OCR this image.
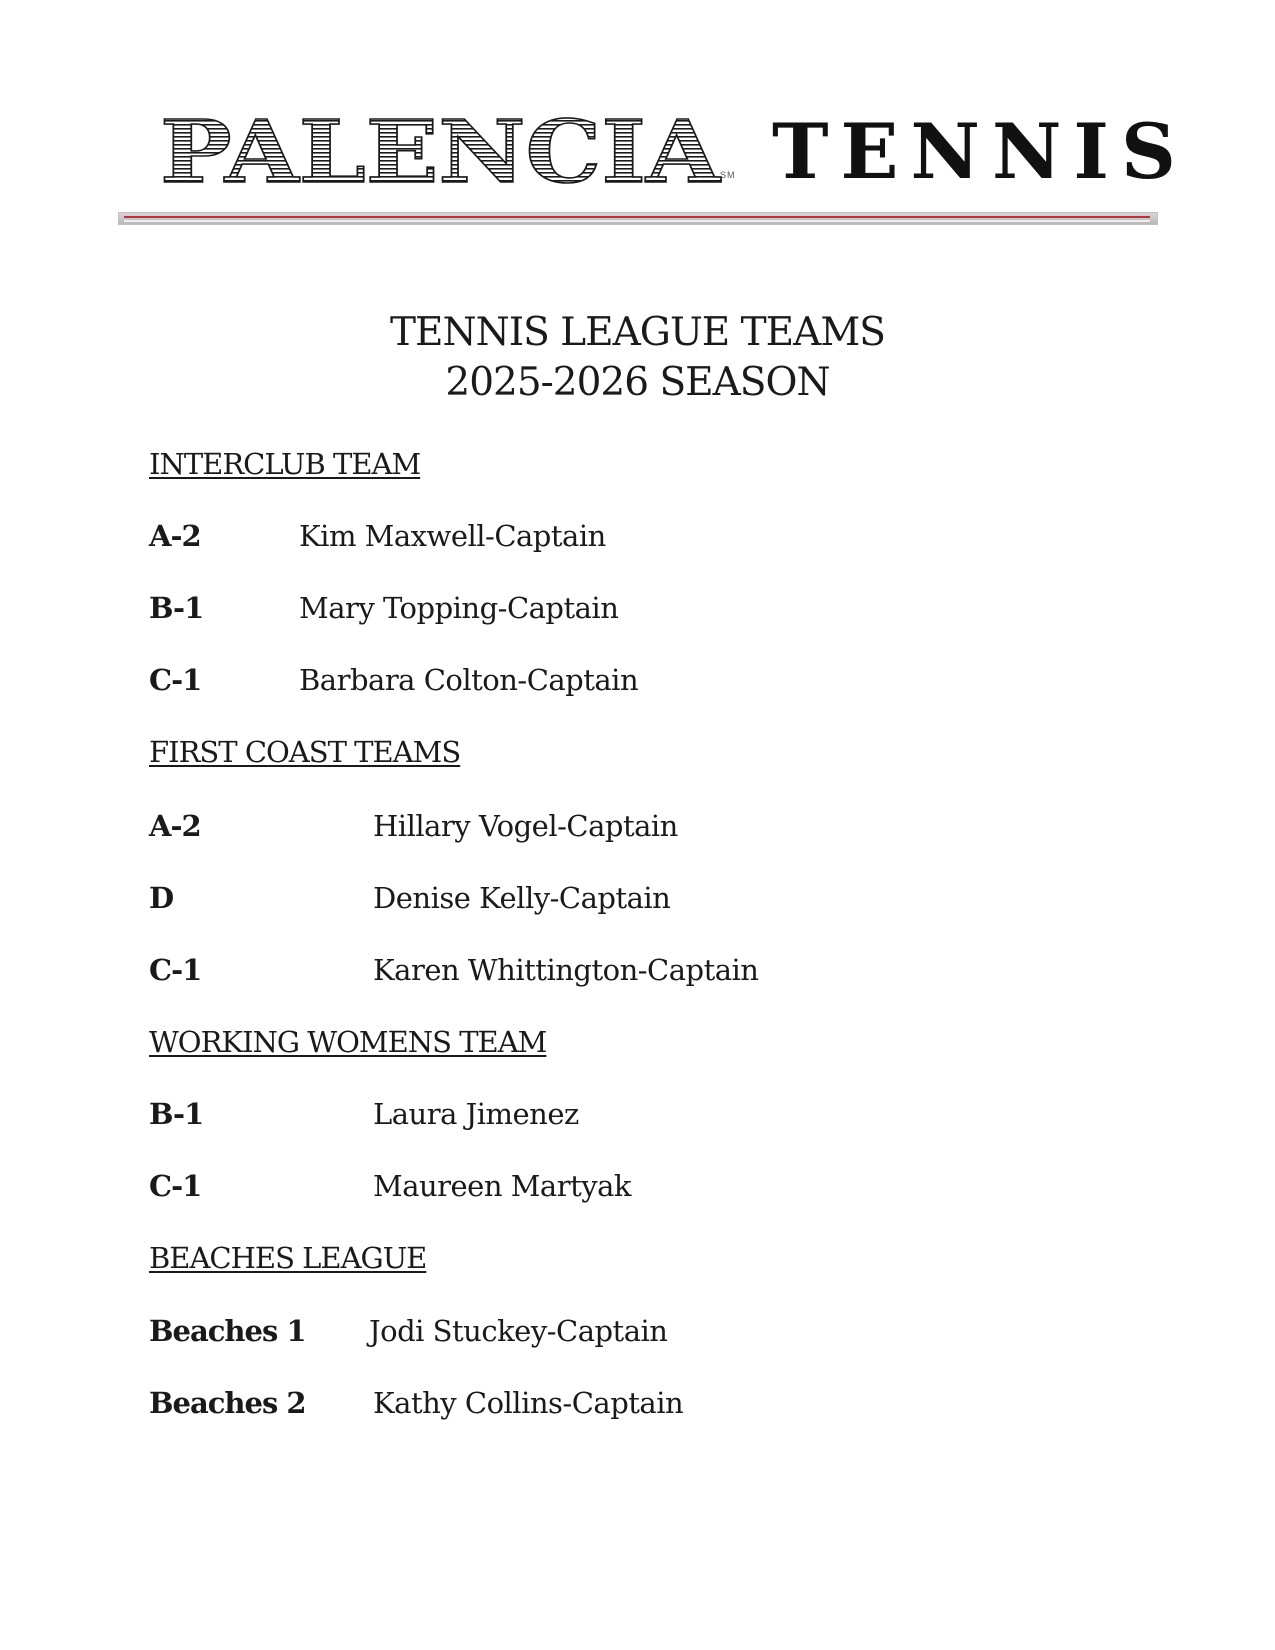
PALENCIA
SM TENNIS
TENNIS LEAGUE TEAMS
2025-2026 SEASON
INTERCLUB TEAM
A-2	Kim Maxwell-Captain
B-1	Mary Topping-Captain
C-1	Barbara Colton-Captain
FIRST COAST TEAMS
A-2	Hillary Vogel-Captain
D	Denise Kelly-Captain
C-1	Karen Whittington-Captain
WORKING WOMENS TEAM
B-1	Laura Jimenez
C-1	Maureen Martyak
BEACHES LEAGUE
Beaches 1 Jodi Stuckey-Captain
Beaches 2 Kathy Collins-Captain
